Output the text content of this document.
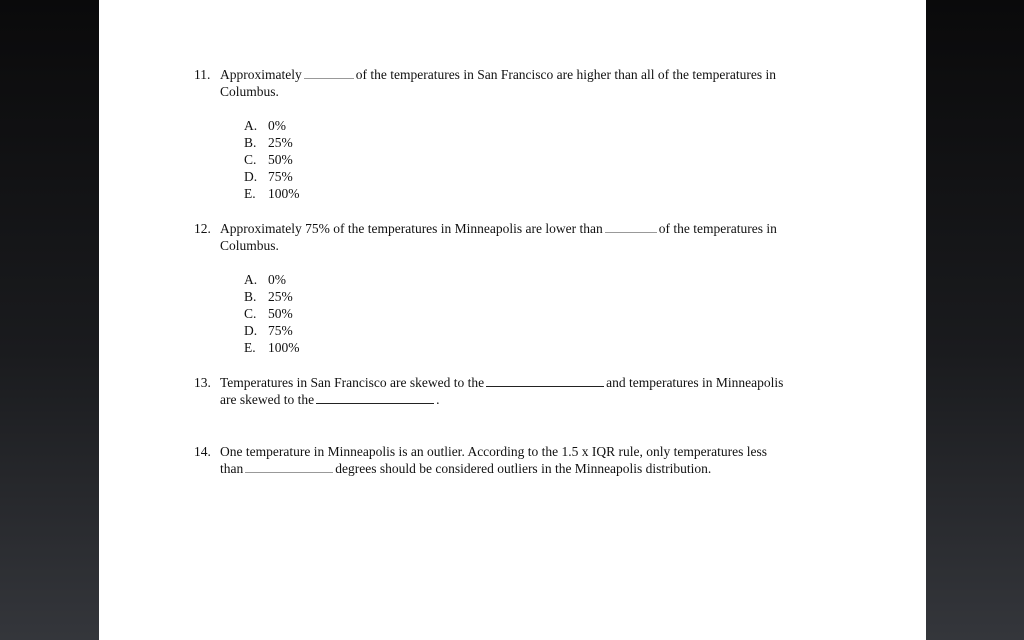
11. Approximately	of the temperatures in San Francisco are higher than all of the temperatures in
Columbus.
A. 0%
B. 25%
C. 50%
D. 75%
E. 100%
12. Approximately 75% of the temperatures in Minneapolis are lower than	of the temperatures in
Columbus.
A. 0%
B. 25%
C. 50%
D. 75%
E. 100%
13. Temperatures in San Francisco are skewed to the	and temperatures in Minneapolis
are skewed to the	.
14. One temperature in Minneapolis is an outlier. According to the 1.5 x IQR rule, only temperatures less
than	degrees should be considered outliers in the Minneapolis distribution.
